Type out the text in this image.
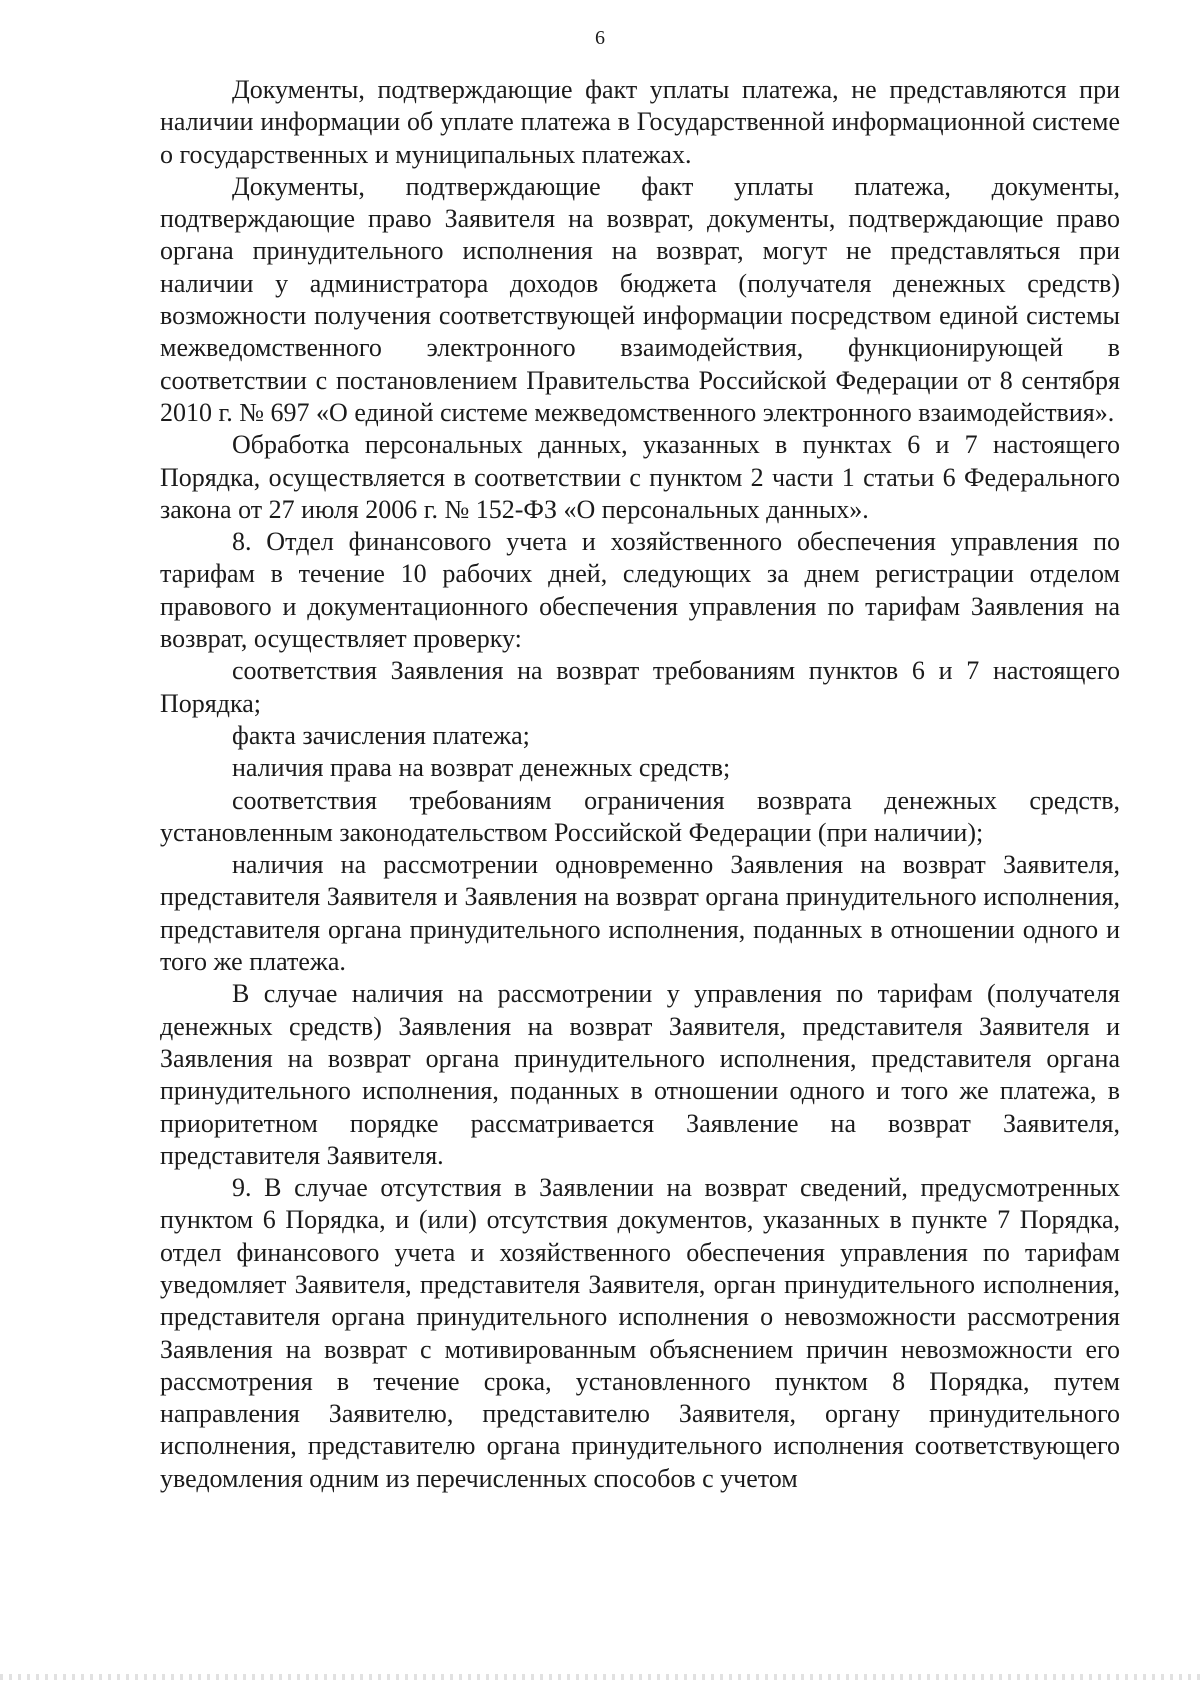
6

Документы, подтверждающие факт уплаты платежа, не представляются при наличии информации об уплате платежа в Государственной информационной системе о государственных и муниципальных платежах.

Документы, подтверждающие факт уплаты платежа, документы, подтверждающие право Заявителя на возврат, документы, подтверждающие право органа принудительного исполнения на возврат, могут не представляться при наличии у администратора доходов бюджета (получателя денежных средств) возможности получения соответствующей информации посредством единой системы межведомственного электронного взаимодействия, функционирующей в соответствии с постановлением Правительства Российской Федерации от 8 сентября 2010 г. № 697 «О единой системе межведомственного электронного взаимодействия».

Обработка персональных данных, указанных в пунктах 6 и 7 настоящего Порядка, осуществляется в соответствии с пунктом 2 части 1 статьи 6 Федерального закона от 27 июля 2006 г. № 152-ФЗ «О персональных данных».

8. Отдел финансового учета и хозяйственного обеспечения управления по тарифам в течение 10 рабочих дней, следующих за днем регистрации отделом правового и документационного обеспечения управления по тарифам Заявления на возврат, осуществляет проверку:

соответствия Заявления на возврат требованиям пунктов 6 и 7 настоящего Порядка;

факта зачисления платежа;

наличия права на возврат денежных средств;

соответствия требованиям ограничения возврата денежных средств, установленным законодательством Российской Федерации (при наличии);

наличия на рассмотрении одновременно Заявления на возврат Заявителя, представителя Заявителя и Заявления на возврат органа принудительного исполнения, представителя органа принудительного исполнения, поданных в отношении одного и того же платежа.

В случае наличия на рассмотрении у управления по тарифам (получателя денежных средств) Заявления на возврат Заявителя, представителя Заявителя и Заявления на возврат органа принудительного исполнения, представителя органа принудительного исполнения, поданных в отношении одного и того же платежа, в приоритетном порядке рассматривается Заявление на возврат Заявителя, представителя Заявителя.

9. В случае отсутствия в Заявлении на возврат сведений, предусмотренных пунктом 6 Порядка, и (или) отсутствия документов, указанных в пункте 7 Порядка, отдел финансового учета и хозяйственного обеспечения управления по тарифам уведомляет Заявителя, представителя Заявителя, орган принудительного исполнения, представителя органа принудительного исполнения о невозможности рассмотрения Заявления на возврат с мотивированным объяснением причин невозможности его рассмотрения в течение срока, установленного пунктом 8 Порядка, путем направления Заявителю, представителю Заявителя, органу принудительного исполнения, представителю органа принудительного исполнения соответствующего уведомления одним из перечисленных способов с учетом
